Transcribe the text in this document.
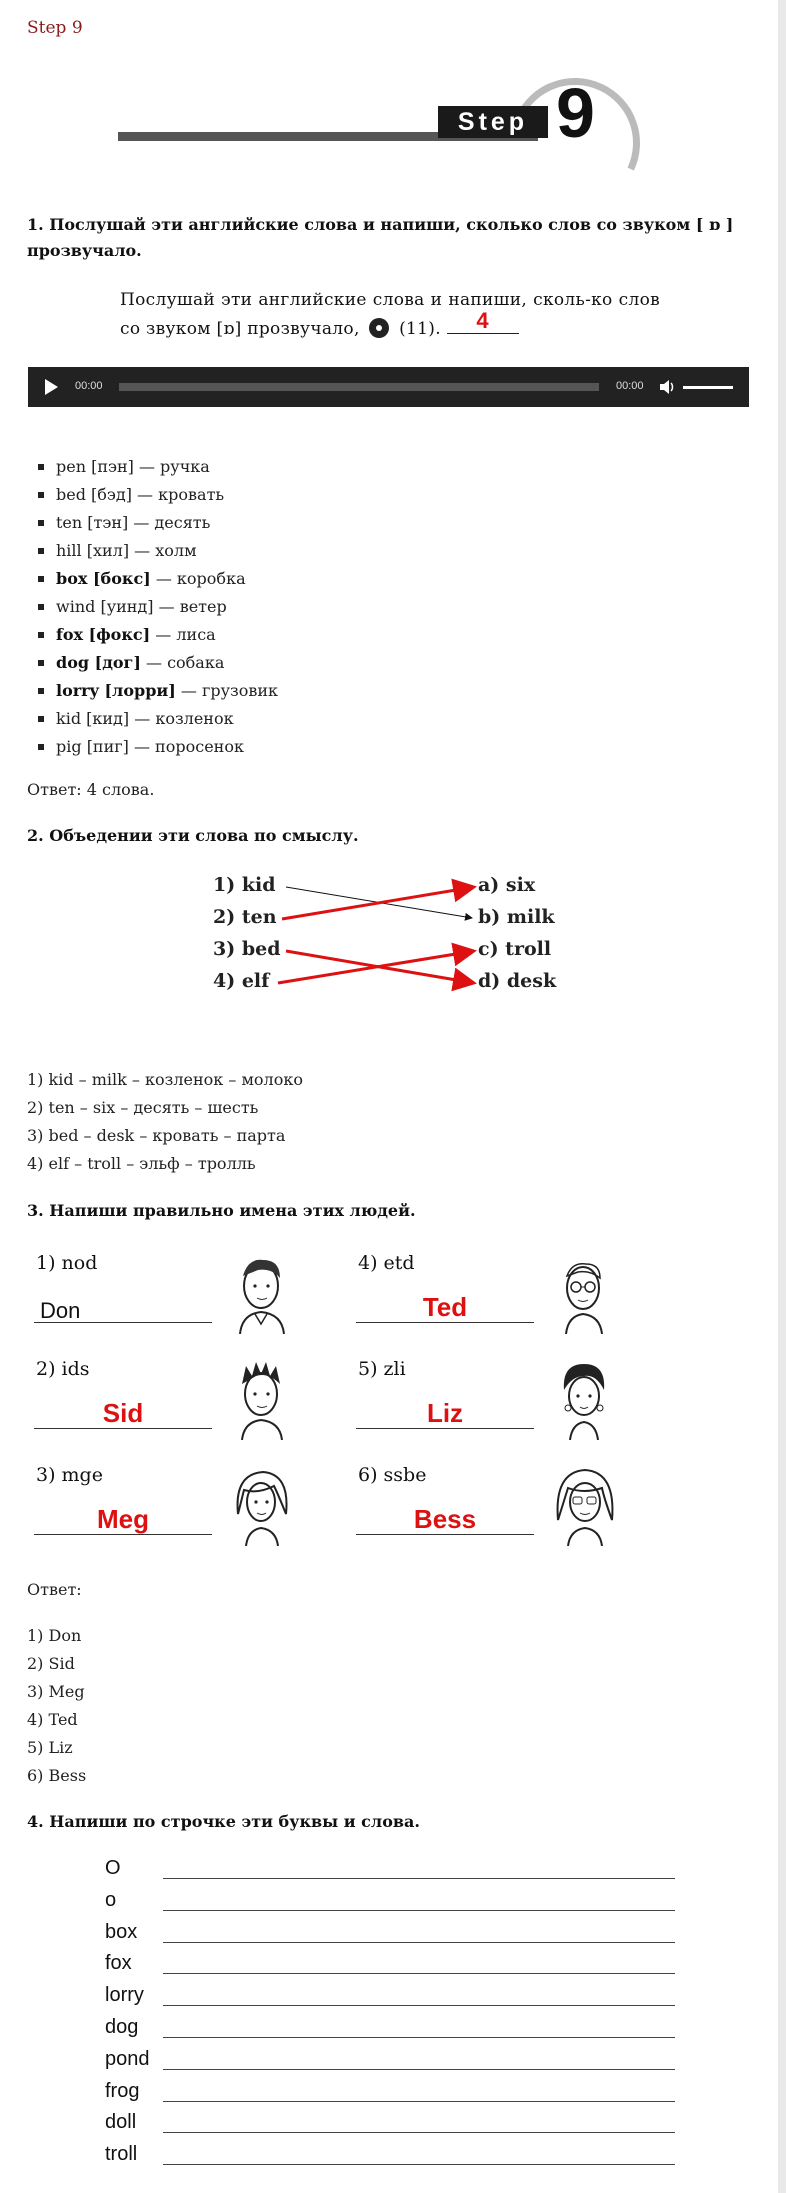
Step 9
Step 9
1. Послушай эти английские слова и напиши, сколько слов со звуком [ ɒ ] прозвучало.
Послушай эти английские слова и напиши, сколь-ко слов со звуком [ɒ] прозвучало, (11). 4
00:00	00:00
pen [пэн] — ручка
bed [бэд] — кровать
ten [тэн] — десять
hill [хил] — холм
box [бокс] — коробка
wind [уинд] — ветер
fox [фокс] — лиса
dog [дог] — собака
lorry [лорри] — грузовик
kid [кид] — козленок
pig [пиг] — поросенок
Ответ: 4 слова.
2. Объедении эти слова по смыслу.
1) kid
2) ten
3) bed
4) elf
a) six
b) milk
c) troll
d) desk
1) kid – milk – козленок – молоко
2) ten – six – десять – шесть
3) bed – desk – кровать – парта
4) elf – troll – эльф – тролль
3. Напиши правильно имена этих людей.
1) nod
Don
2) ids
Sid
3) mge
Meg
4) etd
Ted
5) zli
Liz
6) ssbe
Bess
Ответ:
1) Don
2) Sid
3) Meg
4) Ted
5) Liz
6) Bess
4. Напиши по строчке эти буквы и слова.
O
o
box
fox
lorry
dog
pond
frog
doll
troll
